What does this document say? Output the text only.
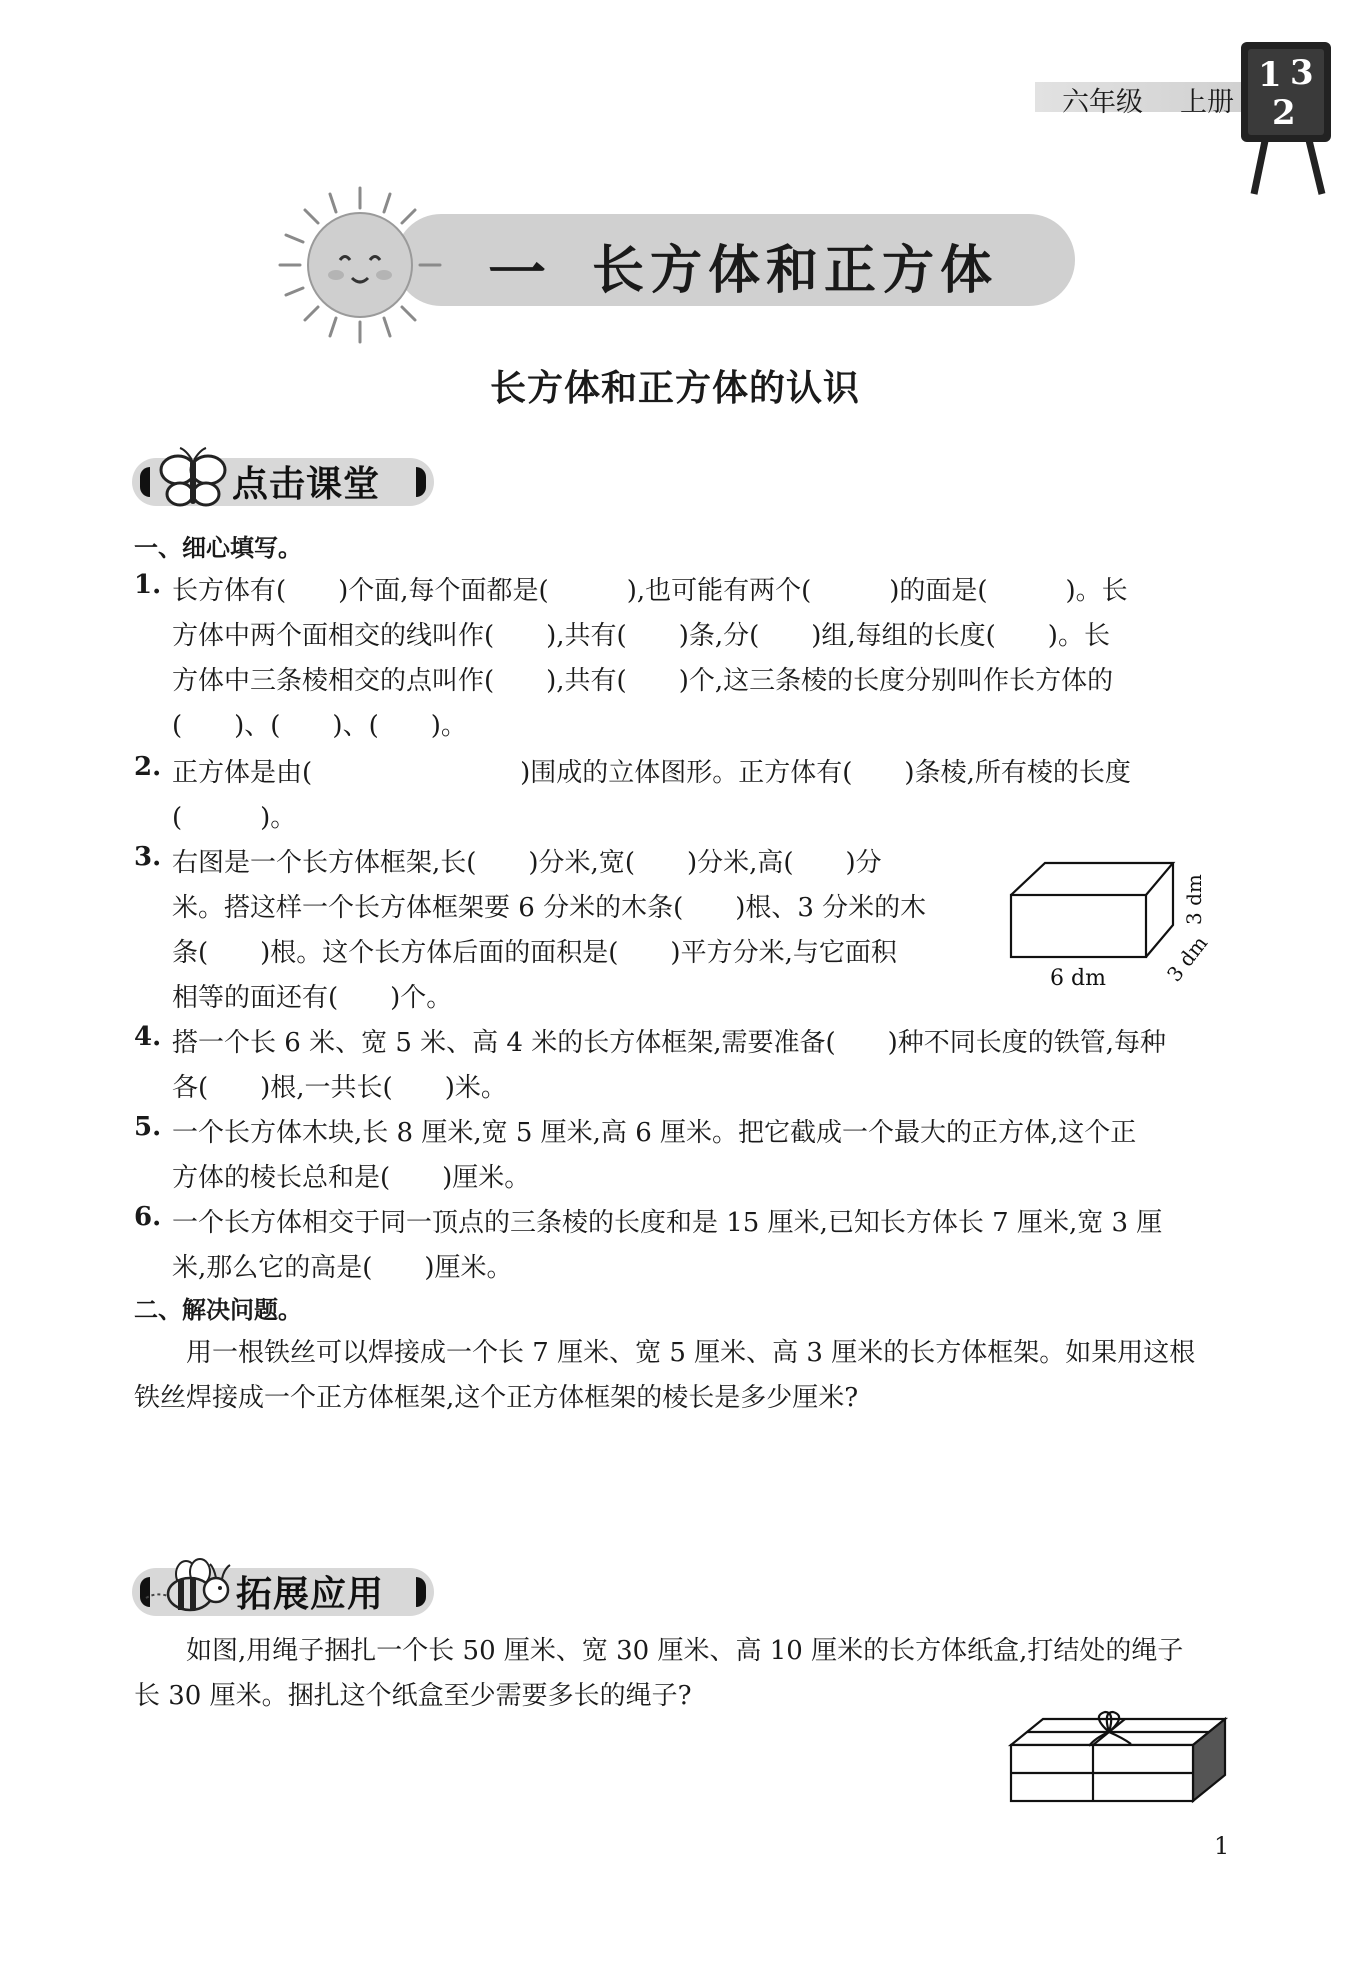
六年级 上册
1 3
2
一 长方体和正方体
长方体和正方体的认识
点击课堂
一、细心填写。
1. 长方体有(　　)个面,每个面都是(　　　),也可能有两个(　　　)的面是(　　　)。长
方体中两个面相交的线叫作(　　),共有(　　)条,分(　　)组,每组的长度(　　)。长
方体中三条棱相交的点叫作(　　),共有(　　)个,这三条棱的长度分别叫作长方体的
(　　)、(　　)、(　　)。
2. 正方体是由(　　　　　　　　)围成的立体图形。正方体有(　　)条棱,所有棱的长度
(　　　)。
3. 右图是一个长方体框架,长(　　)分米,宽(　　)分米,高(　　)分
米。搭这样一个长方体框架要 6 分米的木条(　　)根、3 分米的木
条(　　)根。这个长方体后面的面积是(　　)平方分米,与它面积
相等的面还有(　　)个。
6 dm
3 dm
3 dm
4. 搭一个长 6 米、宽 5 米、高 4 米的长方体框架,需要准备(　　)种不同长度的铁管,每种
各(　　)根,一共长(　　)米。
5. 一个长方体木块,长 8 厘米,宽 5 厘米,高 6 厘米。把它截成一个最大的正方体,这个正
方体的棱长总和是(　　)厘米。
6. 一个长方体相交于同一顶点的三条棱的长度和是 15 厘米,已知长方体长 7 厘米,宽 3 厘
米,那么它的高是(　　)厘米。
二、解决问题。
用一根铁丝可以焊接成一个长 7 厘米、宽 5 厘米、高 3 厘米的长方体框架。如果用这根
铁丝焊接成一个正方体框架,这个正方体框架的棱长是多少厘米?
拓展应用
如图,用绳子捆扎一个长 50 厘米、宽 30 厘米、高 10 厘米的长方体纸盒,打结处的绳子
长 30 厘米。捆扎这个纸盒至少需要多长的绳子?
1
